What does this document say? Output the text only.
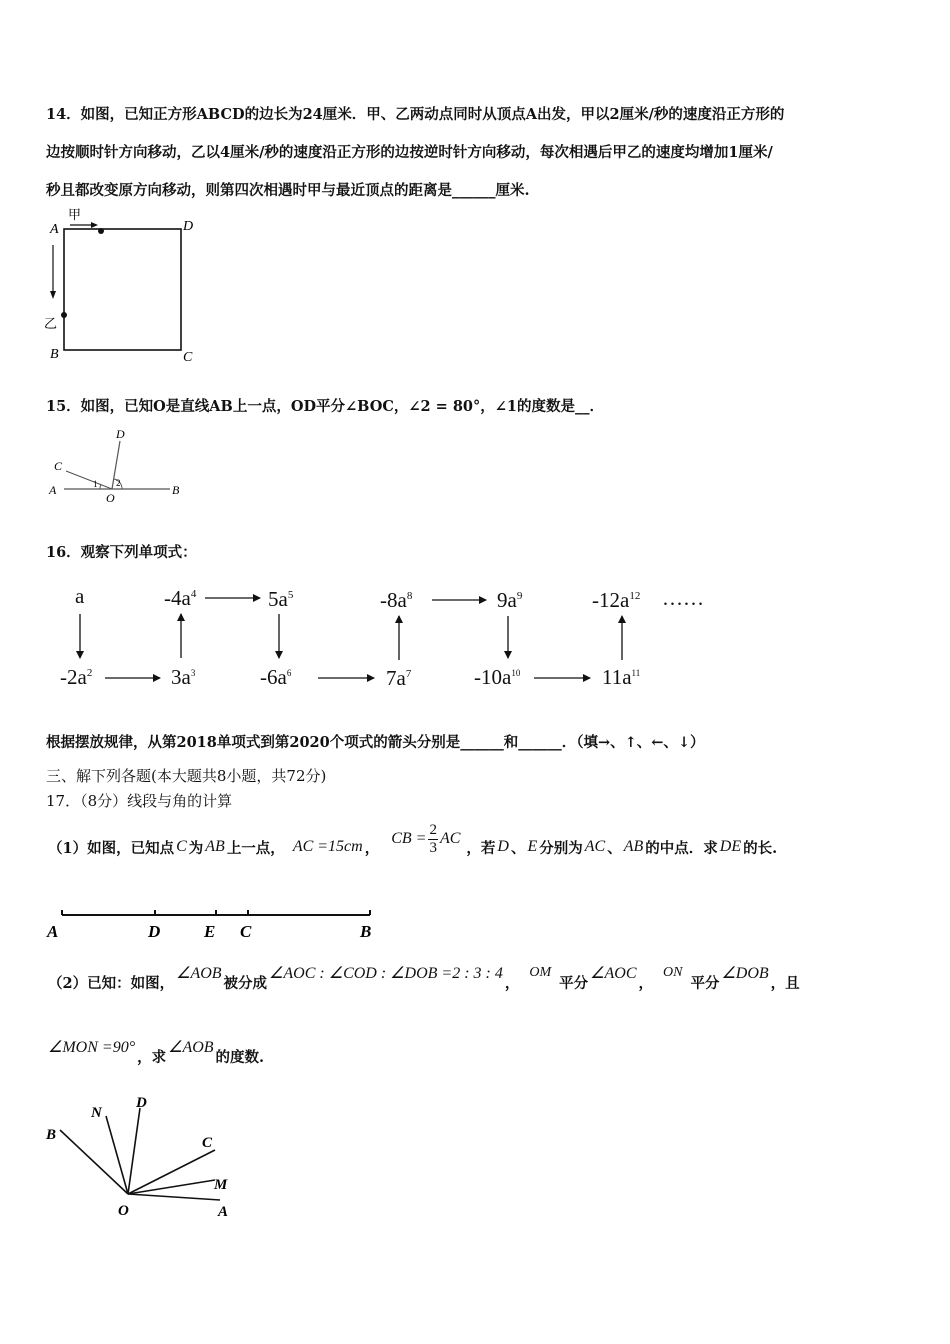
14．如图，已知正方形ABCD的边长为24厘米．甲、乙两动点同时从顶点A出发，甲以2厘米/秒的速度沿正方形的
边按顺时针方向移动，乙以4厘米/秒的速度沿正方形的边按逆时针方向移动，每次相遇后甲乙的速度均增加1厘米/
秒且都改变原方向移动，则第四次相遇时甲与最近顶点的距离是______厘米.
A	D
B	C
甲
乙
15．如图，已知O是直线AB上一点，OD平分∠BOC，∠2 = 80°，∠1的度数是__．
A	B
C
D
O
1 2
16．观察下列单项式：
a
$-2a^2$	$3a^3$
$-4a^4$	$5a^5$
$-6a^6$	$7a^7$
$-8a^8$	$9a^9$
$-10a^{10}$	$11a^{11}$
$-12a^{12}$ ……
根据摆放规律，从第2018单项式到第2020个项式的箭头分别是______和______．（填→、↑、←、↓）
三、解下列各题(本大题共8小题，共72分)
17．（8分）线段与角的计算
（1）如图，已知点 C 为 AB 上一点， AC =15cm ，
CB = $\frac{2}{3}$ AC
，若 D 、 E 分别为 AC 、 AB 的中点．求 DE 的长.
A	D	E C	B
（2）已知：如图，
∠AOB
被分成
∠AOC : ∠COD : ∠DOB =2 : 3 : 4
，
OM
平分
∠AOC
，
ON
平分
∠DOB
，且
∠MON =90°
，求
∠AOB
的度数.
B
N
D
C
M
O	A
